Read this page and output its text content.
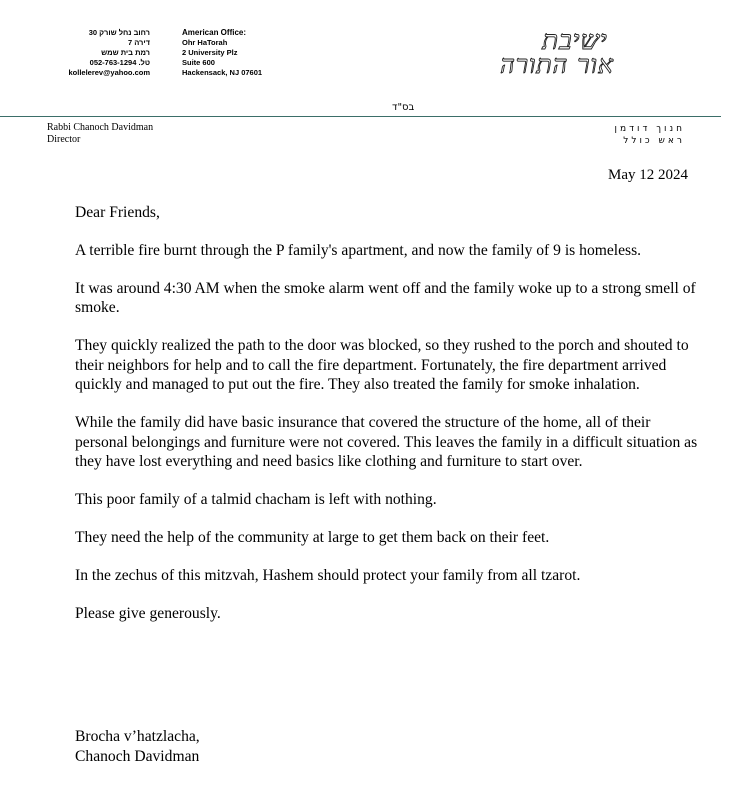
רחוב נחל שורק 30
דירה 7
רמת בית שמש
טל. 052-763-1294
kollelerev@yahoo.com
American Office:
Ohr HaTorah
2 University Plz
Suite 600
Hackensack, NJ 07601
ישיבת
אור התורה
בס"ד
Rabbi Chanoch Davidman
Director
חנוך דודמן
ראש כולל
May 12 2024

Dear Friends,

A terrible fire burnt through the P family's apartment, and now the family of 9 is homeless.

It was around 4:30 AM when the smoke alarm went off and the family woke up to a strong smell of smoke.

They quickly realized the path to the door was blocked, so they rushed to the porch and shouted to their neighbors for help and to call the fire department. Fortunately, the fire department arrived quickly and managed to put out the fire. They also treated the family for smoke inhalation.

While the family did have basic insurance that covered the structure of the home, all of their personal belongings and furniture were not covered. This leaves the family in a difficult situation as they have lost everything and need basics like clothing and furniture to start over.

This poor family of a talmid chacham is left with nothing.

They need the help of the community at large to get them back on their feet.

In the zechus of this mitzvah, Hashem should protect your family from all tzarot.

Please give generously.

Brocha v’hatzlacha,
Chanoch Davidman
